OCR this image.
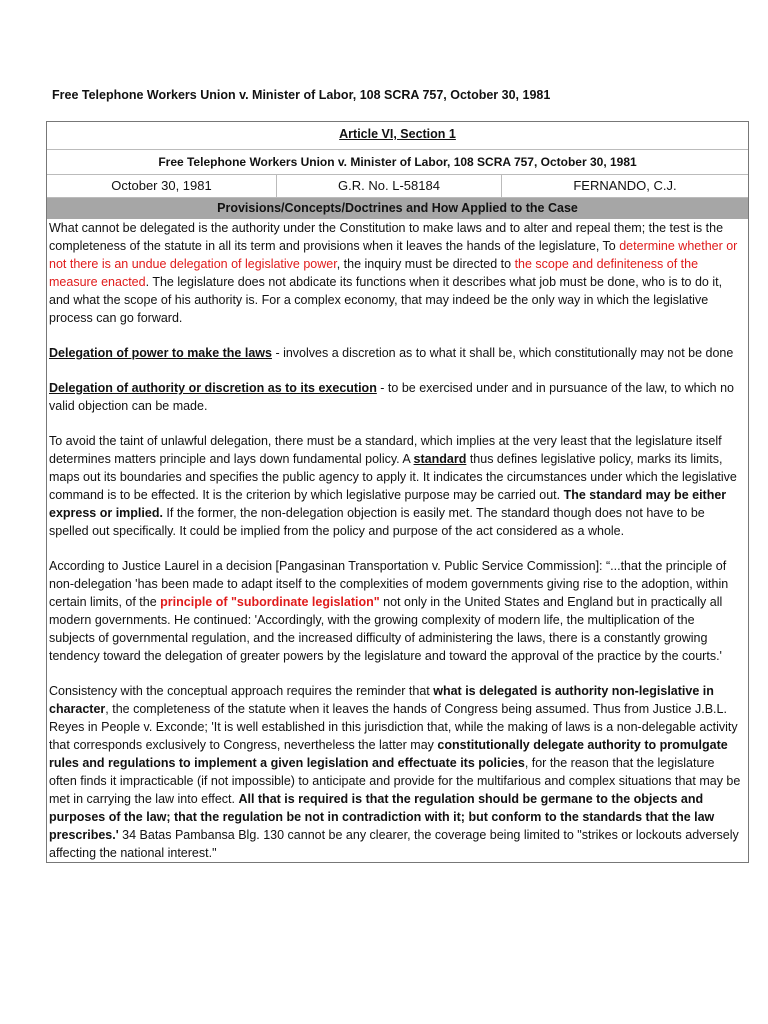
Free Telephone Workers Union v. Minister of Labor, 108 SCRA 757, October 30, 1981
Article VI, Section 1
Free Telephone Workers Union v. Minister of Labor, 108 SCRA 757, October 30, 1981
October 30, 1981	G.R. No. L-58184	FERNANDO, C.J.
Provisions/Concepts/Doctrines and How Applied to the Case

What cannot be delegated is the authority under the Constitution to make laws and to alter and repeal them; the test is the completeness of the statute in all its term and provisions when it leaves the hands of the legislature, To determine whether or not there is an undue delegation of legislative power, the inquiry must be directed to the scope and definiteness of the measure enacted. The legislature does not abdicate its functions when it describes what job must be done, who is to do it, and what the scope of his authority is. For a complex economy, that may indeed be the only way in which the legislative process can go forward.

Delegation of power to make the laws - involves a discretion as to what it shall be, which constitutionally may not be done

Delegation of authority or discretion as to its execution - to be exercised under and in pursuance of the law, to which no valid objection can be made.

To avoid the taint of unlawful delegation, there must be a standard, which implies at the very least that the legislature itself determines matters principle and lays down fundamental policy. A standard thus defines legislative policy, marks its limits, maps out its boundaries and specifies the public agency to apply it. It indicates the circumstances under which the legislative command is to be effected. It is the criterion by which legislative purpose may be carried out. The standard may be either express or implied. If the former, the non-delegation objection is easily met. The standard though does not have to be spelled out specifically. It could be implied from the policy and purpose of the act considered as a whole.

According to Justice Laurel in a decision [Pangasinan Transportation v. Public Service Commission]: “...that the principle of non-delegation 'has been made to adapt itself to the complexities of modem governments giving rise to the adoption, within certain limits, of the principle of "subordinate legislation" not only in the United States and England but in practically all modern governments. He continued: 'Accordingly, with the growing complexity of modern life, the multiplication of the subjects of governmental regulation, and the increased difficulty of administering the laws, there is a constantly growing tendency toward the delegation of greater powers by the legislature and toward the approval of the practice by the courts.'

Consistency with the conceptual approach requires the reminder that what is delegated is authority non-legislative in character, the completeness of the statute when it leaves the hands of Congress being assumed. Thus from Justice J.B.L. Reyes in People v. Exconde; 'It is well established in this jurisdiction that, while the making of laws is a non-delegable activity that corresponds exclusively to Congress, nevertheless the latter may constitutionally delegate authority to promulgate rules and regulations to implement a given legislation and effectuate its policies, for the reason that the legislature often finds it impracticable (if not impossible) to anticipate and provide for the multifarious and complex situations that may be met in carrying the law into effect. All that is required is that the regulation should be germane to the objects and purposes of the law; that the regulation be not in contradiction with it; but conform to the standards that the law prescribes.' 34 Batas Pambansa Blg. 130 cannot be any clearer, the coverage being limited to "strikes or lockouts adversely affecting the national interest."
